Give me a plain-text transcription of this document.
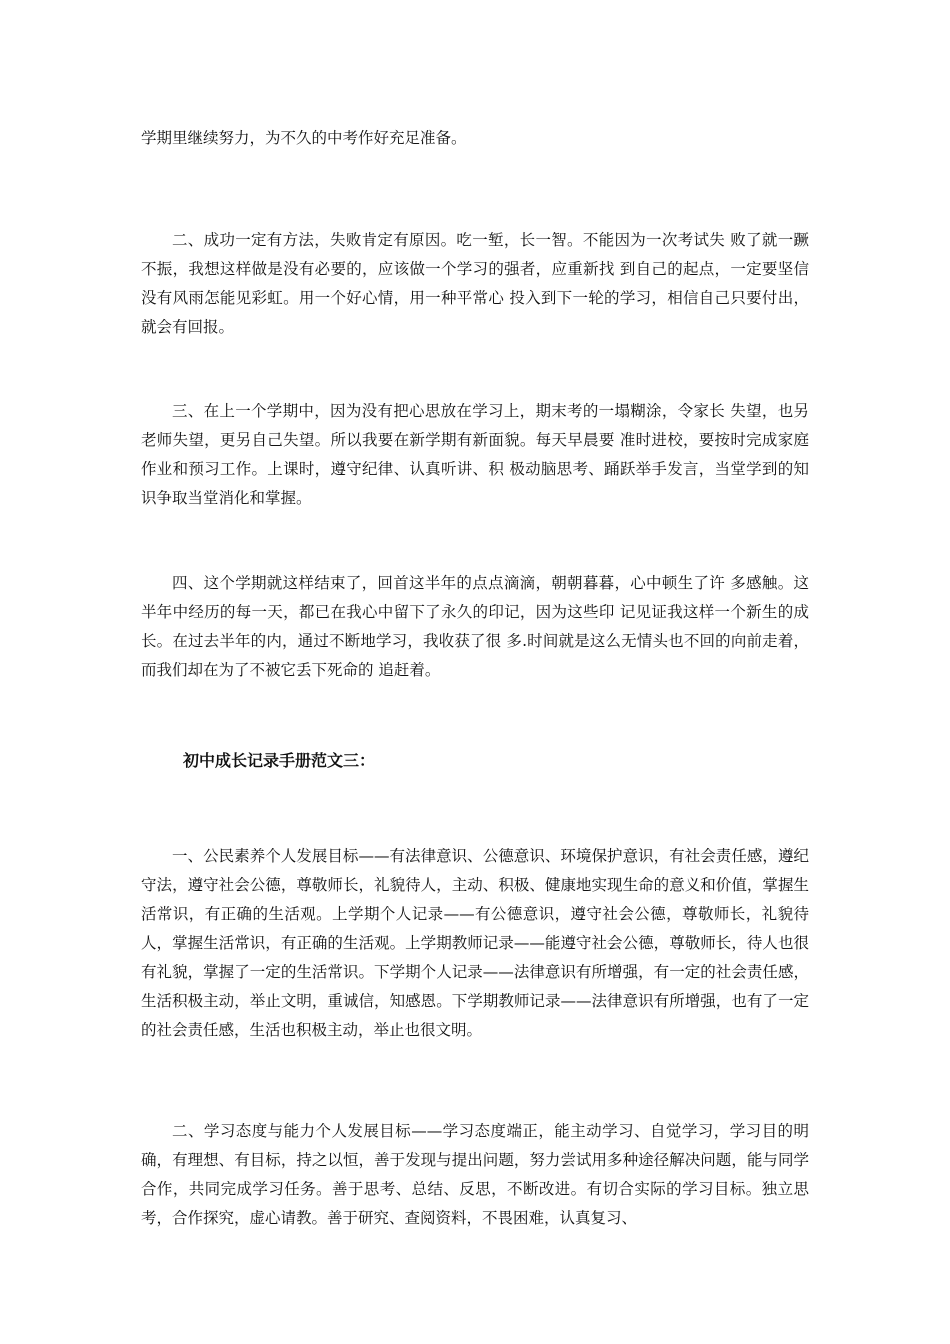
学期里继续努力，为不久的中考作好充足准备。

二、成功一定有方法，失败肯定有原因。吃一堑，长一智。不能因为一次考试失 败了就一蹶不振，我想这样做是没有必要的，应该做一个学习的强者，应重新找 到自己的起点，一定要坚信没有风雨怎能见彩虹。用一个好心情，用一种平常心 投入到下一轮的学习，相信自己只要付出，就会有回报。

三、在上一个学期中，因为没有把心思放在学习上，期末考的一塌糊涂，令家长 失望，也另老师失望，更另自己失望。所以我要在新学期有新面貌。每天早晨要 准时进校，要按时完成家庭作业和预习工作。上课时，遵守纪律、认真听讲、积 极动脑思考、踊跃举手发言，当堂学到的知识争取当堂消化和掌握。

四、这个学期就这样结束了，回首这半年的点点滴滴，朝朝暮暮，心中顿生了许 多感触。这半年中经历的每一天，都已在我心中留下了永久的印记，因为这些印 记见证我这样一个新生的成长。在过去半年的内，通过不断地学习，我收获了很 多.时间就是这么无情头也不回的向前走着，而我们却在为了不被它丢下死命的 追赶着。

初中成长记录手册范文三：

一、公民素养个人发展目标——有法律意识、公德意识、环境保护意识，有社会责任感，遵纪守法，遵守社会公德，尊敬师长，礼貌待人，主动、积极、健康地实现生命的意义和价值，掌握生活常识，有正确的生活观。上学期个人记录——有公德意识，遵守社会公德，尊敬师长，礼貌待人，掌握生活常识，有正确的生活观。上学期教师记录——能遵守社会公德，尊敬师长，待人也很有礼貌，掌握了一定的生活常识。下学期个人记录——法律意识有所增强，有一定的社会责任感，生活积极主动，举止文明，重诚信，知感恩。下学期教师记录——法律意识有所增强，也有了一定的社会责任感，生活也积极主动，举止也很文明。

二、学习态度与能力个人发展目标——学习态度端正，能主动学习、自觉学习，学习目的明确，有理想、有目标，持之以恒，善于发现与提出问题，努力尝试用多种途径解决问题，能与同学合作，共同完成学习任务。善于思考、总结、反思，不断改进。有切合实际的学习目标。独立思考，合作探究，虚心请教。善于研究、查阅资料，不畏困难，认真复习、
